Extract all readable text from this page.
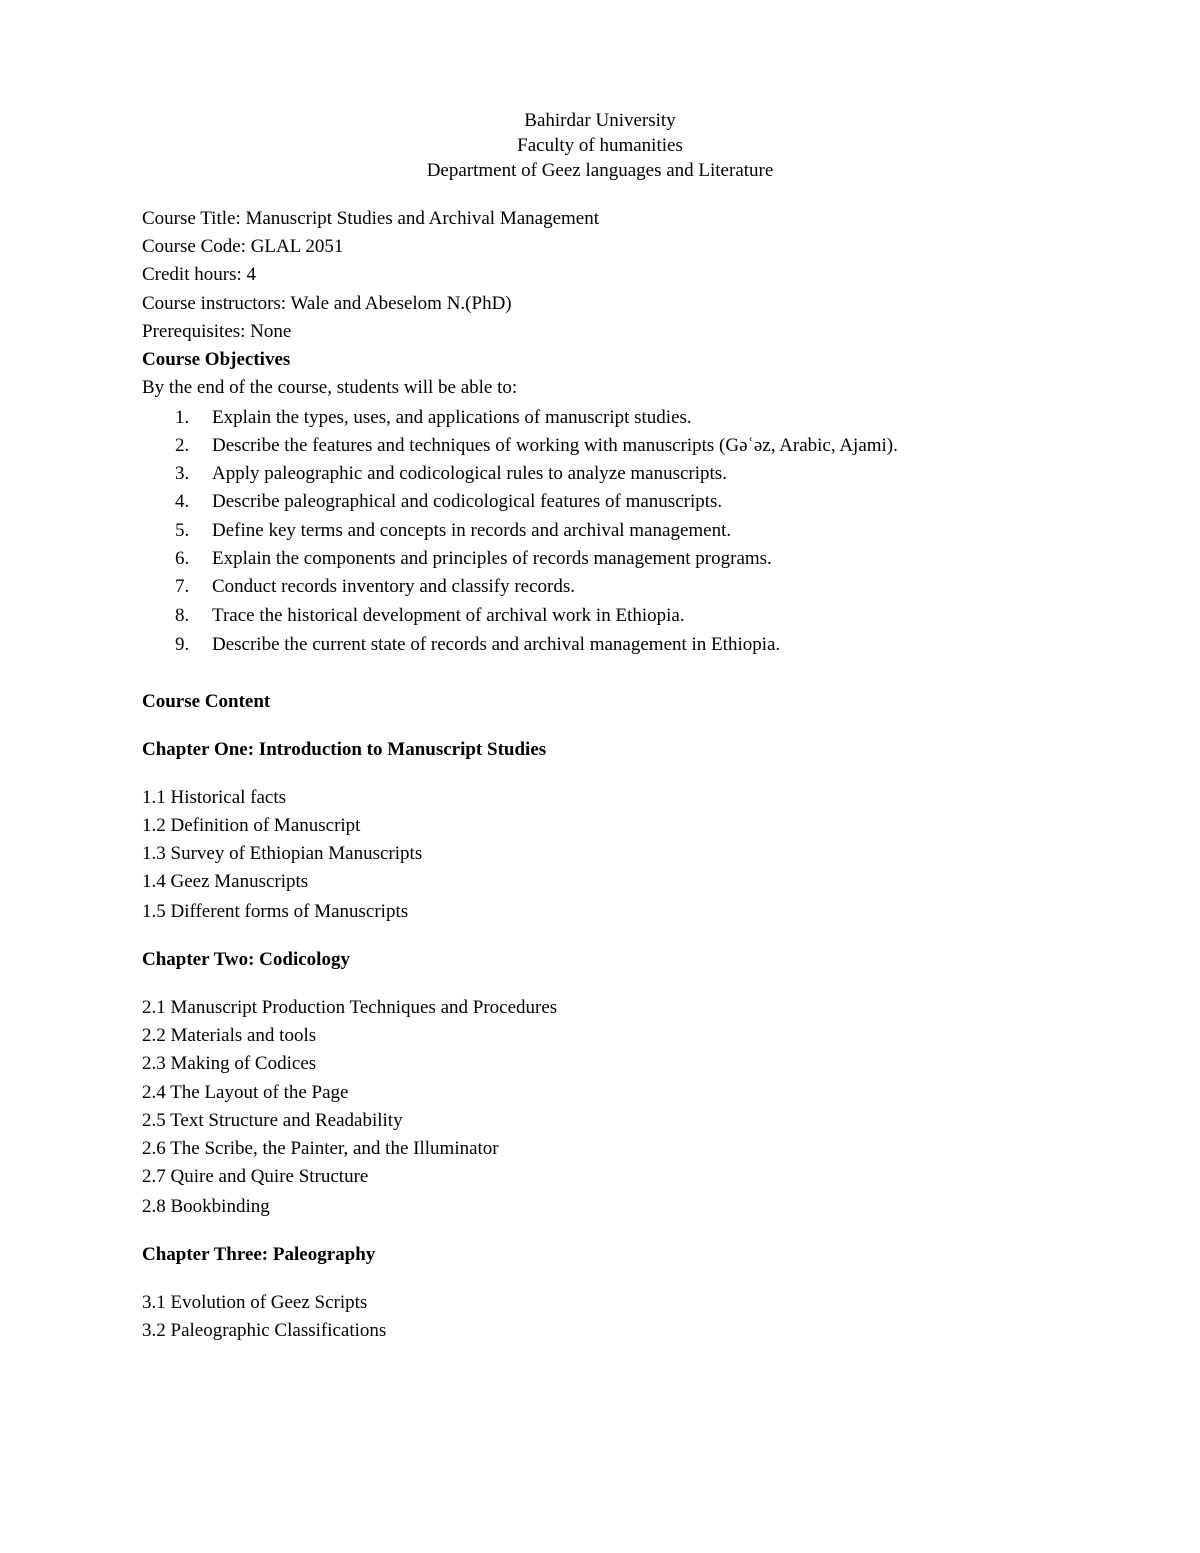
Bahirdar University
Faculty of humanities
Department of Geez languages and Literature
Course Title: Manuscript Studies and Archival Management
Course Code: GLAL 2051
Credit hours: 4
Course instructors: Wale and Abeselom N.(PhD)
Prerequisites: None
Course Objectives
By the end of the course, students will be able to:
1.	Explain the types, uses, and applications of manuscript studies.
2.	Describe the features and techniques of working with manuscripts (Gəʿəz, Arabic, Ajami).
3.	Apply paleographic and codicological rules to analyze manuscripts.
4.	Describe paleographical and codicological features of manuscripts.
5.	Define key terms and concepts in records and archival management.
6.	Explain the components and principles of records management programs.
7.	Conduct records inventory and classify records.
8.	Trace the historical development of archival work in Ethiopia.
9.	Describe the current state of records and archival management in Ethiopia.
Course Content
Chapter One: Introduction to Manuscript Studies
1.1 Historical facts
1.2 Definition of Manuscript
1.3 Survey of Ethiopian Manuscripts
1.4 Geez Manuscripts
1.5 Different forms of Manuscripts
Chapter Two: Codicology
2.1 Manuscript Production Techniques and Procedures
2.2 Materials and tools
2.3 Making of Codices
2.4 The Layout of the Page
2.5 Text Structure and Readability
2.6 The Scribe, the Painter, and the Illuminator
2.7 Quire and Quire Structure
2.8 Bookbinding
Chapter Three: Paleography
3.1 Evolution of Geez Scripts
3.2 Paleographic Classifications
